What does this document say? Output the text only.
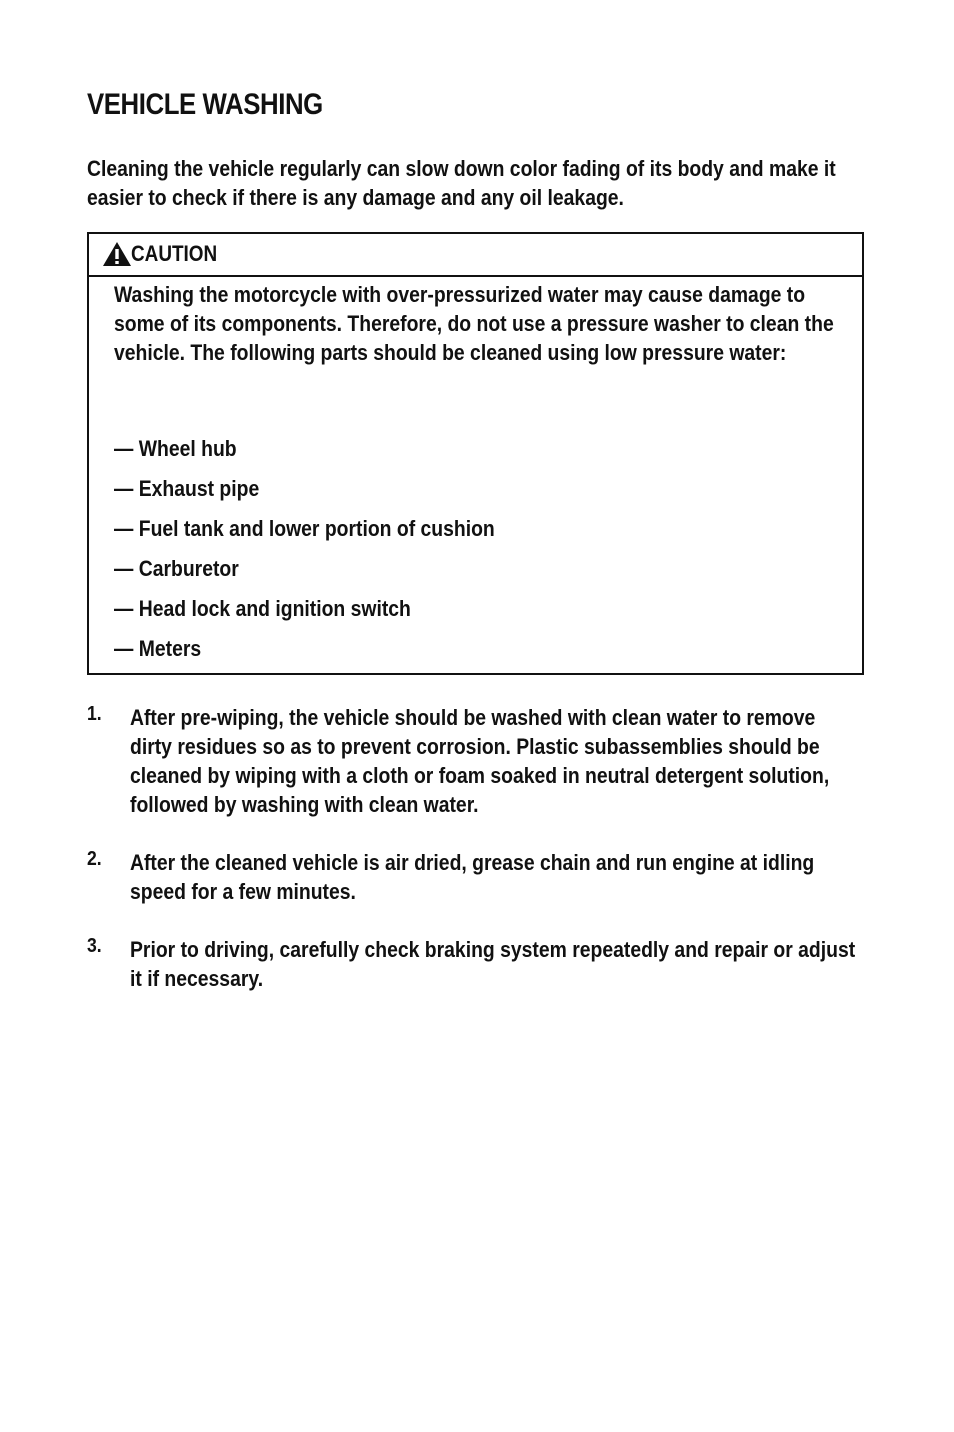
VEHICLE WASHING

Cleaning the vehicle regularly can slow down color fading of its body and make it easier to check if there is any damage and any oil leakage.

CAUTION

Washing the motorcycle with over-pressurized water may cause damage to some of its components. Therefore, do not use a pressure washer to clean the vehicle. The following parts should be cleaned using low pressure water:

— Wheel hub
— Exhaust pipe
— Fuel tank and lower portion of cushion
— Carburetor
— Head lock and ignition switch
— Meters
1. After pre-wiping, the vehicle should be washed with clean water to remove dirty residues so as to prevent corrosion. Plastic subassemblies should be cleaned by wiping with a cloth or foam soaked in neutral detergent solution, followed by washing with clean water.

2. After the cleaned vehicle is air dried, grease chain and run engine at idling speed for a few minutes.

3. Prior to driving, carefully check braking system repeatedly and repair or adjust it if necessary.
